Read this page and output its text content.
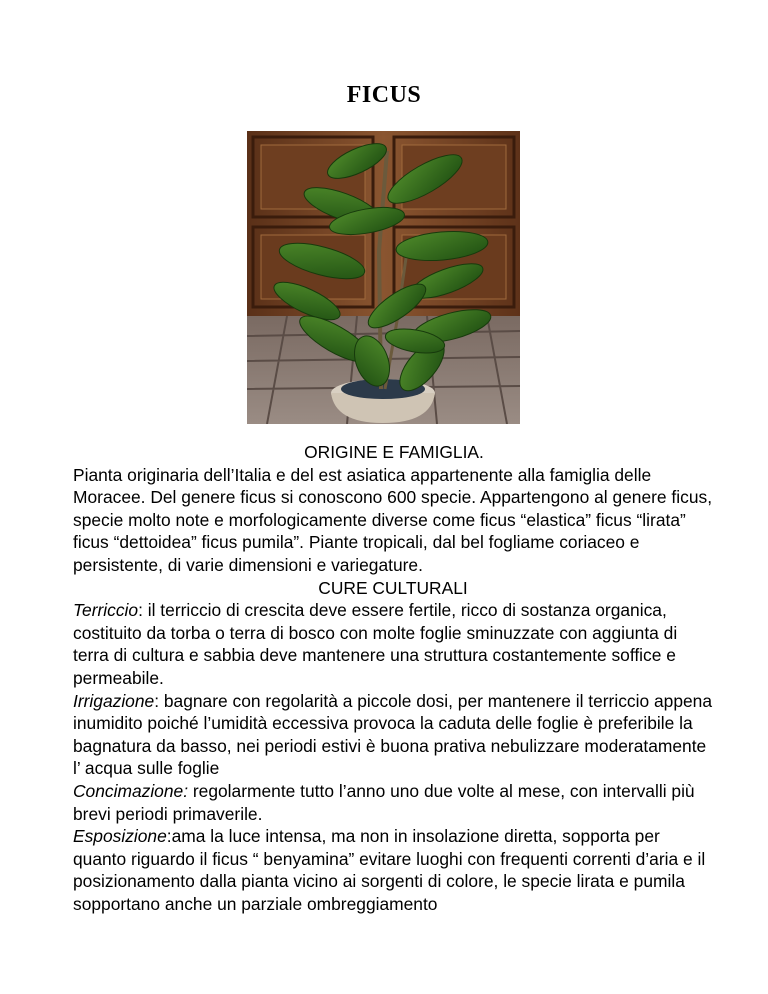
FICUS

ORIGINE E FAMIGLIA.

Pianta originaria dell’Italia e del est asiatica appartenente alla famiglia delle Moracee. Del genere ficus si conoscono 600 specie. Appartengono al genere ficus, specie molto note e morfologicamente diverse come ficus “elastica” ficus “lirata” ficus “dettoidea” ficus pumila”. Piante tropicali, dal bel fogliame coriaceo e persistente, di varie dimensioni e variegature.

CURE CULTURALI

Terriccio: il terriccio di crescita deve essere fertile, ricco di sostanza organica, costituito da torba o terra di bosco con molte foglie sminuzzate con aggiunta di terra di cultura e sabbia deve mantenere una struttura costantemente soffice e permeabile.

Irrigazione: bagnare con regolarità a piccole dosi, per mantenere il terriccio appena inumidito poiché l’umidità eccessiva provoca la caduta delle foglie è preferibile la bagnatura da basso, nei periodi estivi è buona prativa nebulizzare moderatamente l’ acqua sulle foglie

Concimazione: regolarmente tutto l’anno uno due volte al mese, con intervalli più brevi periodi primaverile.

Esposizione:ama la luce intensa, ma non in insolazione diretta, sopporta per quanto riguardo il ficus “ benyamina” evitare luoghi con frequenti correnti d’aria e il posizionamento dalla pianta vicino ai sorgenti di colore, le specie lirata e pumila sopportano anche un parziale ombreggiamento
